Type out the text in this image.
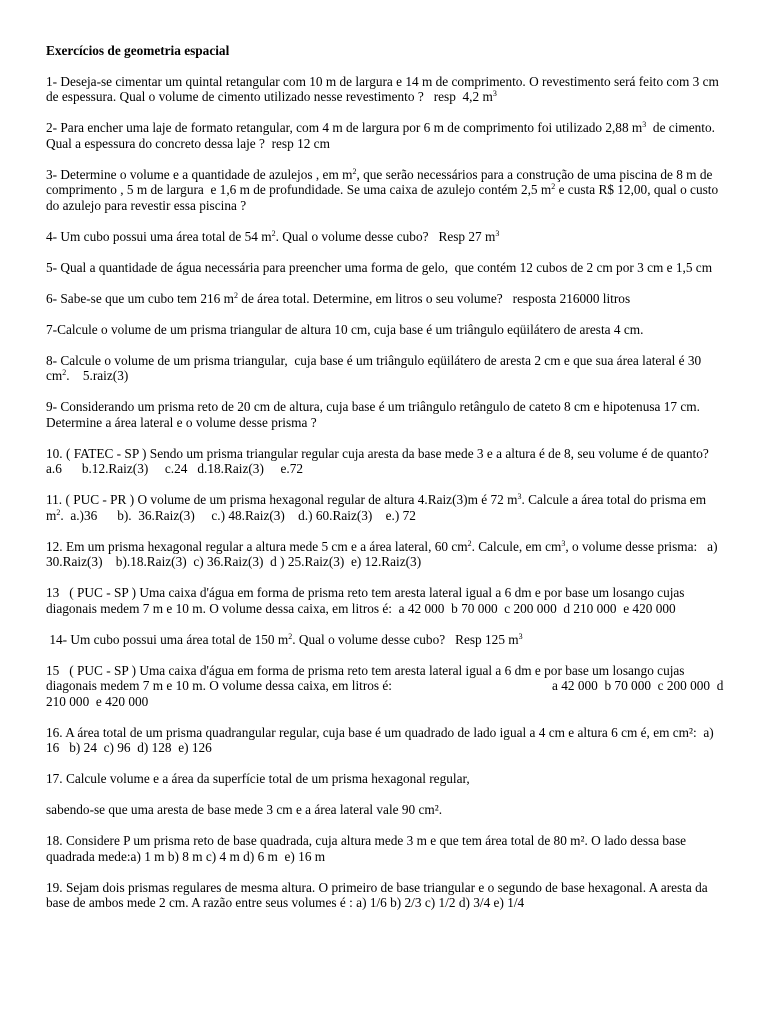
Exercícios de geometria espacial

1- Deseja-se cimentar um quintal retangular com 10 m de largura e 14 m de comprimento. O revestimento será feito com 3 cm de espessura. Qual o volume de cimento utilizado nesse revestimento ?   resp  4,2 $m^3$

2- Para encher uma laje de formato retangular, com 4 m de largura por 6 m de comprimento foi utilizado 2,88 $m^3$  de cimento. Qual a espessura do concreto dessa laje ?  resp 12 cm

3- Determine o volume e a quantidade de azulejos , em $m^2$, que serão necessários para a construção de uma piscina de 8 m de comprimento , 5 m de largura  e 1,6 m de profundidade. Se uma caixa de azulejo contém 2,5 $m^2$ e custa R$ 12,00, qual o custo do azulejo para revestir essa piscina ?

4- Um cubo possui uma área total de 54 $m^2$. Qual o volume desse cubo?   Resp 27 $m^3$

5- Qual a quantidade de água necessária para preencher uma forma de gelo,  que contém 12 cubos de 2 cm por 3 cm e 1,5 cm

6- Sabe-se que um cubo tem 216 $m^2$ de área total. Determine, em litros o seu volume?   resposta 216000 litros

7-Calcule o volume de um prisma triangular de altura 10 cm, cuja base é um triângulo eqüilátero de aresta 4 cm.

8- Calcule o volume de um prisma triangular,  cuja base é um triângulo eqüilátero de aresta 2 cm e que sua área lateral é 30 $cm^2$.    5.raiz(3)

9- Considerando um prisma reto de 20 cm de altura, cuja base é um triângulo retângulo de cateto 8 cm e hipotenusa 17 cm. Determine a área lateral e o volume desse prisma ?

10. ( FATEC - SP ) Sendo um prisma triangular regular cuja aresta da base mede 3 e a altura é de 8, seu volume é de quanto?    a.6      b.12.Raiz(3)     c.24   d.18.Raiz(3)     e.72

11. ( PUC - PR ) O volume de um prisma hexagonal regular de altura 4.Raiz(3)m é 72 $m^3$. Calcule a área total do prisma em $m^2$.  a.)36      b).  36.Raiz(3)     c.) 48.Raiz(3)    d.) 60.Raiz(3)    e.) 72

12. Em um prisma hexagonal regular a altura mede 5 cm e a área lateral, 60 $cm^2$. Calcule, em $cm^3$, o volume desse prisma:   a)  30.Raiz(3)    b).18.Raiz(3)  c) 36.Raiz(3)  d ) 25.Raiz(3)  e) 12.Raiz(3)

13   ( PUC - SP ) Uma caixa d'água em forma de prisma reto tem aresta lateral igual a 6 dm e por base um losango cujas diagonais medem 7 m e 10 m. O volume dessa caixa, em litros é:  a 42 000  b 70 000  c 200 000  d 210 000  e 420 000

14- Um cubo possui uma área total de 150 $m^2$. Qual o volume desse cubo?   Resp 125 $m^3$

15   ( PUC - SP ) Uma caixa d'água em forma de prisma reto tem aresta lateral igual a 6 dm e por base um losango cujas diagonais medem 7 m e 10 m. O volume dessa caixa, em litros é:	a 42 000  b 70 000  c 200 000  d 210 000  e 420 000

16. A área total de um prisma quadrangular regular, cuja base é um quadrado de lado igual a 4 cm e altura 6 cm é, em cm²:  a) 16   b) 24  c) 96  d) 128  e) 126

17. Calcule volume e a área da superfície total de um prisma hexagonal regular,

sabendo-se que uma aresta de base mede 3 cm e a área lateral vale 90 cm².

18. Considere P um prisma reto de base quadrada, cuja altura mede 3 m e que tem área total de 80 m². O lado dessa base quadrada mede:a) 1 m b) 8 m c) 4 m d) 6 m  e) 16 m

19. Sejam dois prismas regulares de mesma altura. O primeiro de base triangular e o segundo de base hexagonal. A aresta da base de ambos mede 2 cm. A razão entre seus volumes é : a) 1/6 b) 2/3 c) 1/2 d) 3/4 e) 1/4
